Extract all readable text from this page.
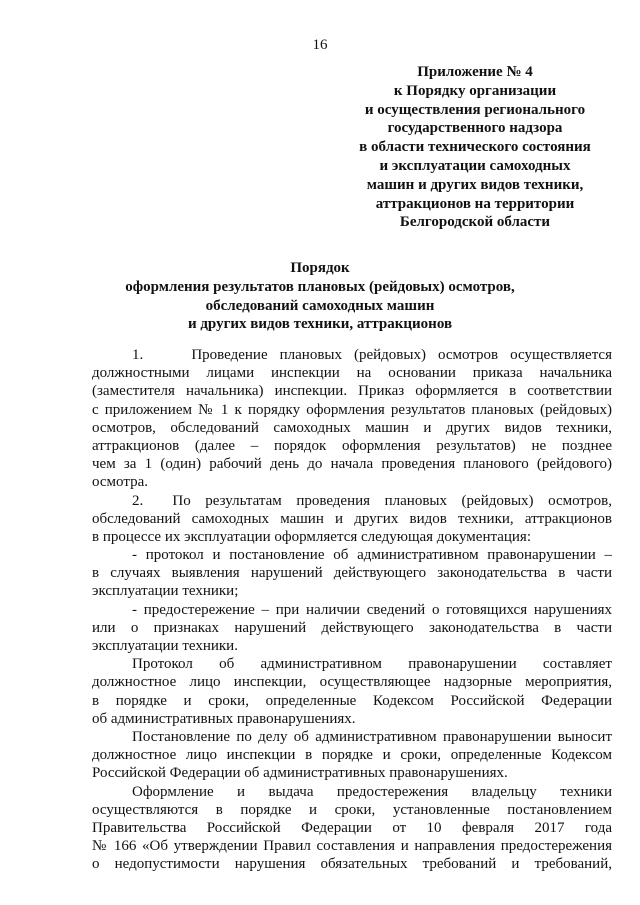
16
Приложение № 4
к Порядку организации
и осуществления регионального
государственного надзора
в области технического состояния
и эксплуатации самоходных
машин и других видов техники,
аттракционов на территории
Белгородской области
Порядок
оформления результатов плановых (рейдовых) осмотров,
обследований самоходных машин
и других видов техники, аттракционов
1.    Проведение плановых (рейдовых) осмотров осуществляется
должностными лицами инспекции на основании приказа начальника
(заместителя начальника) инспекции. Приказ оформляется в соответствии
с приложением № 1 к порядку оформления результатов плановых (рейдовых)
осмотров, обследований самоходных машин и других видов техники,
аттракционов (далее – порядок оформления результатов) не позднее
чем за 1 (один) рабочий день до начала проведения планового (рейдового)
осмотра.
2.  По результатам проведения плановых (рейдовых) осмотров,
обследований самоходных машин и других видов техники, аттракционов
в процессе их эксплуатации оформляется следующая документация:
- протокол и постановление об административном правонарушении –
в случаях выявления нарушений действующего законодательства в части
эксплуатации техники;
- предостережение – при наличии сведений о готовящихся нарушениях
или о признаках нарушений действующего законодательства в части
эксплуатации техники.
Протокол об административном правонарушении составляет
должностное лицо инспекции, осуществляющее надзорные мероприятия,
в порядке и сроки, определенные Кодексом Российской Федерации
об административных правонарушениях.
Постановление по делу об административном правонарушении выносит
должностное лицо инспекции в порядке и сроки, определенные Кодексом
Российской Федерации об административных правонарушениях.
Оформление и выдача предостережения владельцу техники
осуществляются в порядке и сроки, установленные постановлением
Правительства Российской Федерации от 10 февраля 2017 года
№ 166 «Об утверждении Правил составления и направления предостережения
о недопустимости нарушения обязательных требований и требований,
